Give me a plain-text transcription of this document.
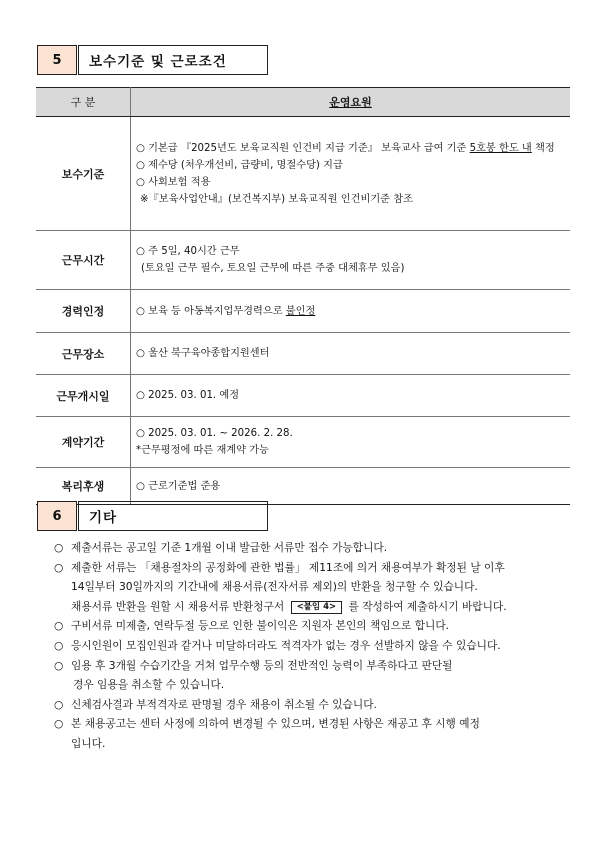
5	보수기준 및 근로조건
구 분	운영요원
보수기준	○ 기본급 『2025년도 보육교직원 인건비 지급 기준』 보육교사 급여 기준 5호봉 한도 내 책정
○ 제수당 (처우개선비, 급량비, 명절수당) 지급
○ 사회보험 적용
※『보육사업안내』(보건복지부) 보육교직원 인건비기준 참조

근무시간	○ 주 5일, 40시간 근무
(토요일 근무 필수, 토요일 근무에 따른 주중 대체휴무 있음)

경력인정	○ 보육 등 아동복지업무경력으로 불인정
근무장소	○ 울산 북구육아종합지원센터
근무개시일	○ 2025. 03. 01. 예정
계약기간	○ 2025. 03. 01. ~ 2026. 2. 28.
*근무평정에 따른 재계약 가능

복리후생	○ 근로기준법 준용
6	기타
○ 제출서류는 공고일 기준 1개월 이내 발급한 서류만 접수 가능합니다.
○ 제출한 서류는 「채용절차의 공정화에 관한 법률」 제11조에 의거 채용여부가 확정된 날 이후
14일부터 30일까지의 기간내에 채용서류(전자서류 제외)의 반환을 청구할 수 있습니다.
채용서류 반환을 원할 시 채용서류 반환청구서 <붙임 4> 를 작성하여 제출하시기 바랍니다.
○ 구비서류 미제출, 연락두절 등으로 인한 불이익은 지원자 본인의 책임으로 합니다.
○ 응시인원이 모집인원과 같거나 미달하더라도 적격자가 없는 경우 선발하지 않을 수 있습니다.
○ 임용 후 3개월 수습기간을 거쳐 업무수행 등의 전반적인 능력이 부족하다고 판단될
경우 임용을 취소할 수 있습니다.
○ 신체검사결과 부적격자로 판명될 경우 채용이 취소될 수 있습니다.
○ 본 채용공고는 센터 사정에 의하여 변경될 수 있으며, 변경된 사항은 재공고 후 시행 예정
입니다.
